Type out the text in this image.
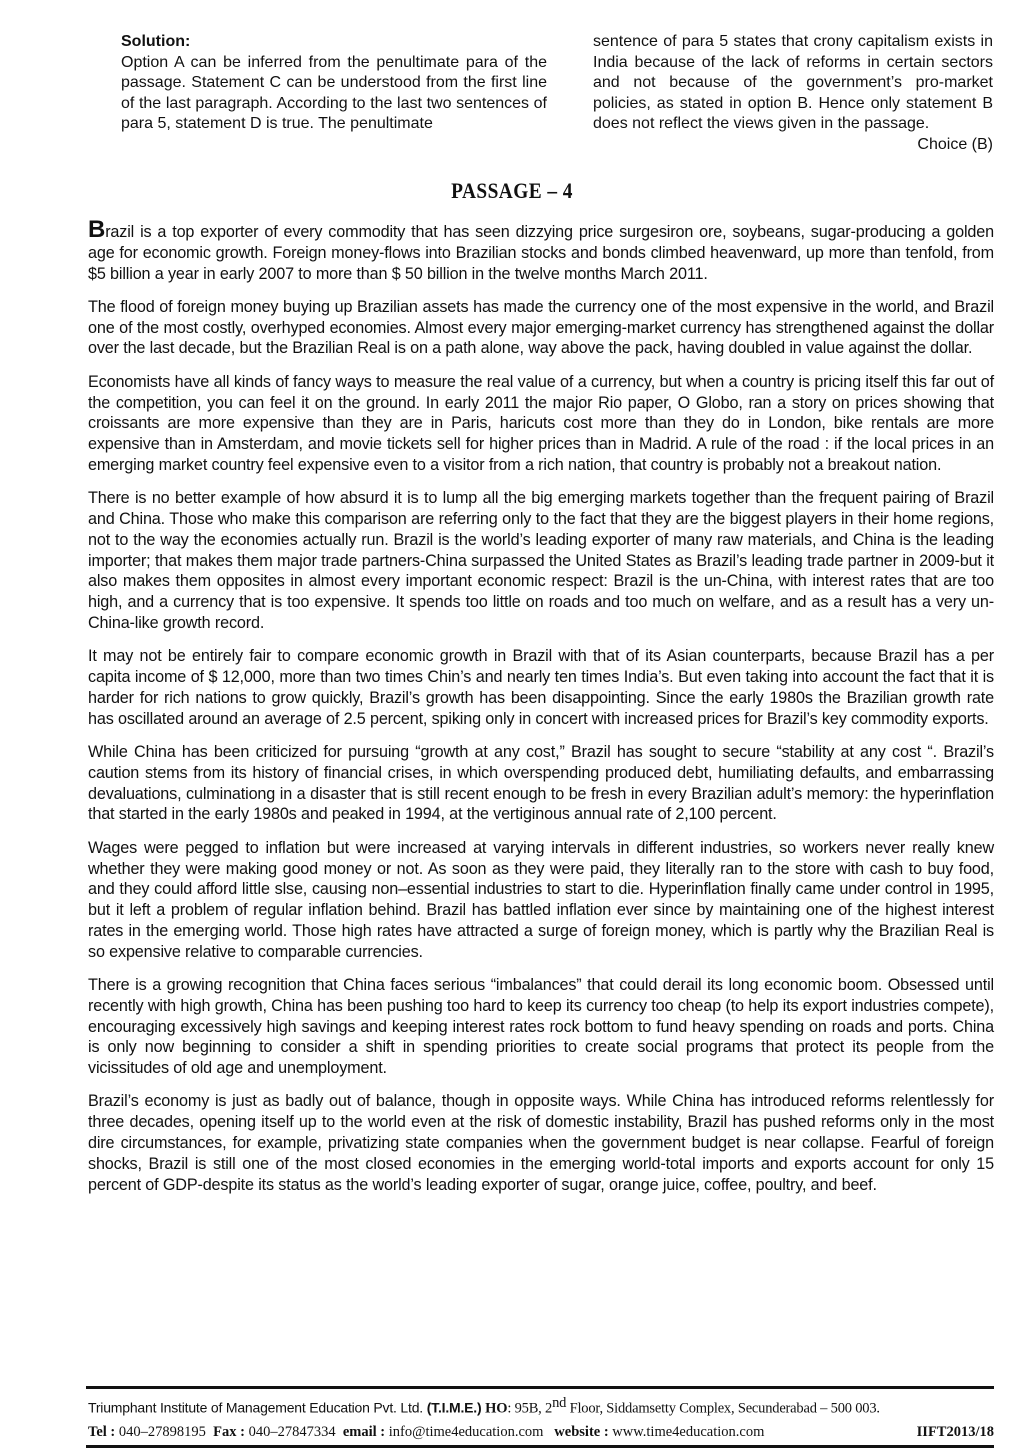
Solution:
Option A can be inferred from the penultimate para of the passage. Statement C can be understood from the first line of the last paragraph. According to the last two sentences of para 5, statement D is true. The penultimate
sentence of para 5 states that crony capitalism exists in India because of the lack of reforms in certain sectors and not because of the government’s pro-market policies, as stated in option B. Hence only statement B does not reflect the views given in the passage.
Choice (B)
PASSAGE – 4

Brazil is a top exporter of every commodity that has seen dizzying price surgesiron ore, soybeans, sugar-producing a golden age for economic growth. Foreign money-flows into Brazilian stocks and bonds climbed heavenward, up more than tenfold, from $5 billion a year in early 2007 to more than $ 50 billion in the twelve months March 2011.

The flood of foreign money buying up Brazilian assets has made the currency one of the most expensive in the world, and Brazil one of the most costly, overhyped economies. Almost every major emerging-market currency has strengthened against the dollar over the last decade, but the Brazilian Real is on a path alone, way above the pack, having doubled in value against the dollar.

Economists have all kinds of fancy ways to measure the real value of a currency, but when a country is pricing itself this far out of the competition, you can feel it on the ground. In early 2011 the major Rio paper, O Globo, ran a story on prices showing that croissants are more expensive than they are in Paris, haricuts cost more than they do in London, bike rentals are more expensive than in Amsterdam, and movie tickets sell for higher prices than in Madrid. A rule of the road : if the local prices in an emerging market country feel expensive even to a visitor from a rich nation, that country is probably not a breakout nation.

There is no better example of how absurd it is to lump all the big emerging markets together than the frequent pairing of Brazil and China. Those who make this comparison are referring only to the fact that they are the biggest players in their home regions, not to the way the economies actually run. Brazil is the world’s leading exporter of many raw materials, and China is the leading importer; that makes them major trade partners-China surpassed the United States as Brazil’s leading trade partner in 2009-but it also makes them opposites in almost every important economic respect: Brazil is the un-China, with interest rates that are too high, and a currency that is too expensive. It spends too little on roads and too much on welfare, and as a result has a very un-China-like growth record.

It may not be entirely fair to compare economic growth in Brazil with that of its Asian counterparts, because Brazil has a per capita income of $ 12,000, more than two times Chin’s and nearly ten times India’s. But even taking into account the fact that it is harder for rich nations to grow quickly, Brazil’s growth has been disappointing. Since the early 1980s the Brazilian growth rate has oscillated around an average of 2.5 percent, spiking only in concert with increased prices for Brazil’s key commodity exports.

While China has been criticized for pursuing “growth at any cost,” Brazil has sought to secure “stability at any cost “. Brazil’s caution stems from its history of financial crises, in which overspending produced debt, humiliating defaults, and embarrassing devaluations, culminationg in a disaster that is still recent enough to be fresh in every Brazilian adult’s memory: the hyperinflation that started in the early 1980s and peaked in 1994, at the vertiginous annual rate of 2,100 percent.

Wages were pegged to inflation but were increased at varying intervals in different industries, so workers never really knew whether they were making good money or not. As soon as they were paid, they literally ran to the store with cash to buy food, and they could afford little slse, causing non–essential industries to start to die. Hyperinflation finally came under control in 1995, but it left a problem of regular inflation behind. Brazil has battled inflation ever since by maintaining one of the highest interest rates in the emerging world. Those high rates have attracted a surge of foreign money, which is partly why the Brazilian Real is so expensive relative to comparable currencies.

There is a growing recognition that China faces serious “imbalances” that could derail its long economic boom. Obsessed until recently with high growth, China has been pushing too hard to keep its currency too cheap (to help its export industries compete), encouraging excessively high savings and keeping interest rates rock bottom to fund heavy spending on roads and ports. China is only now beginning to consider a shift in spending priorities to create social programs that protect its people from the vicissitudes of old age and unemployment.

Brazil’s economy is just as badly out of balance, though in opposite ways. While China has introduced reforms relentlessly for three decades, opening itself up to the world even at the risk of domestic instability, Brazil has pushed reforms only in the most dire circumstances, for example, privatizing state companies when the government budget is near collapse. Fearful of foreign shocks, Brazil is still one of the most closed economies in the emerging world-total imports and exports account for only 15 percent of GDP-despite its status as the world’s leading exporter of sugar, orange juice, coffee, poultry, and beef.

Triumphant Institute of Management Education Pvt. Ltd. (T.I.M.E.) HO: 95B, 2nd Floor, Siddamsetty Complex, Secunderabad – 500 003.
Tel :
040–27898195
Fax :
040–27847334
email :
info@time4education.com
website :
www.time4education.com	IIFT2013/18
